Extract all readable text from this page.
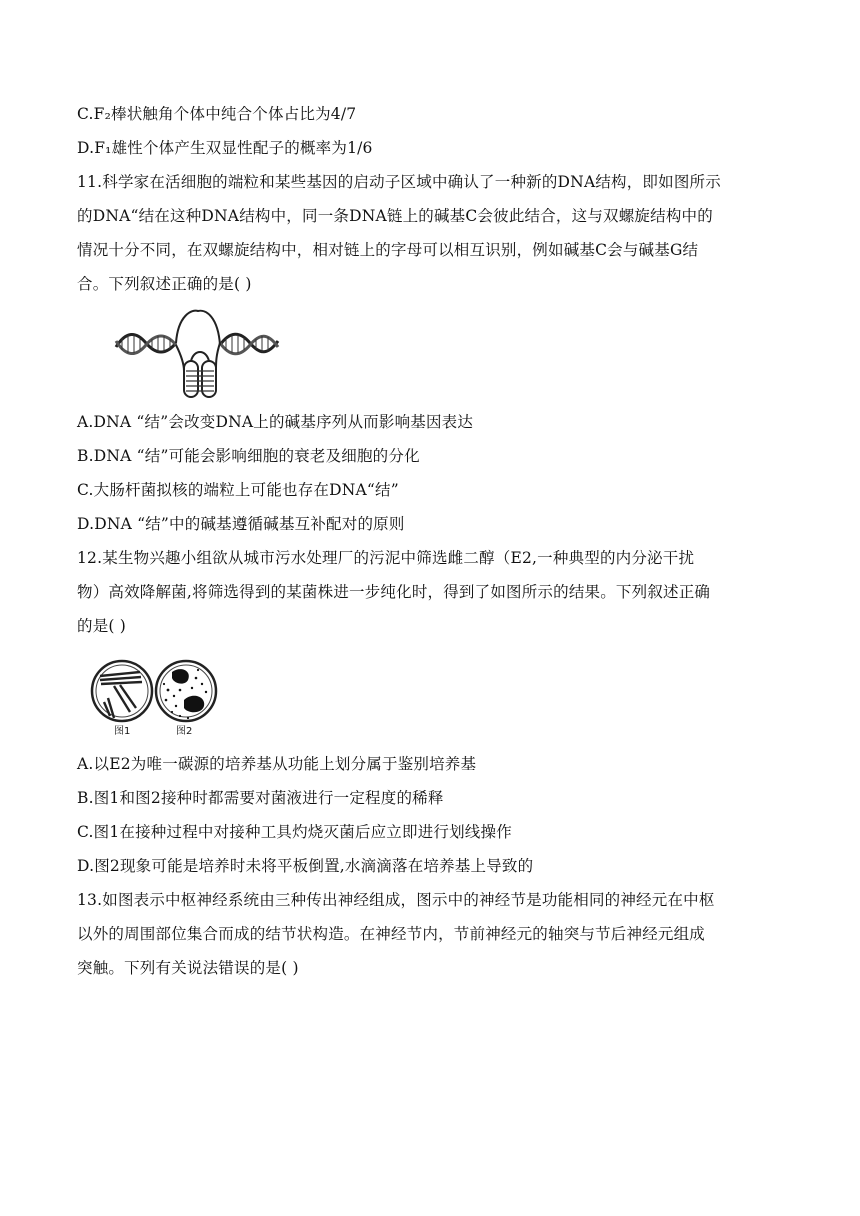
C.F₂棒状触角个体中纯合个体占比为4/7
D.F₁雄性个体产生双显性配子的概率为1/6
11.科学家在活细胞的端粒和某些基因的启动子区域中确认了一种新的DNA结构，即如图所示
的DNA“结在这种DNA结构中，同一条DNA链上的碱基C会彼此结合，这与双螺旋结构中的
情况十分不同，在双螺旋结构中，相对链上的字母可以相互识别，例如碱基C会与碱基G结
合。下列叙述正确的是( )
A.DNA “结”会改变DNA上的碱基序列从而影响基因表达
B.DNA “结”可能会影响细胞的衰老及细胞的分化
C.大肠杆菌拟核的端粒上可能也存在DNA“结”
D.DNA “结”中的碱基遵循碱基互补配对的原则
12.某生物兴趣小组欲从城市污水处理厂的污泥中筛选雌二醇（E2,一种典型的内分泌干扰
物）高效降解菌,将筛选得到的某菌株进一步纯化时，得到了如图所示的结果。下列叙述正确
的是( )
图1	图2
A.以E2为唯一碳源的培养基从功能上划分属于鉴别培养基
B.图1和图2接种时都需要对菌液进行一定程度的稀释
C.图1在接种过程中对接种工具灼烧灭菌后应立即进行划线操作
D.图2现象可能是培养时未将平板倒置,水滴滴落在培养基上导致的
13.如图表示中枢神经系统由三种传出神经组成，图示中的神经节是功能相同的神经元在中枢
以外的周围部位集合而成的结节状构造。在神经节内，节前神经元的轴突与节后神经元组成
突触。下列有关说法错误的是( )
